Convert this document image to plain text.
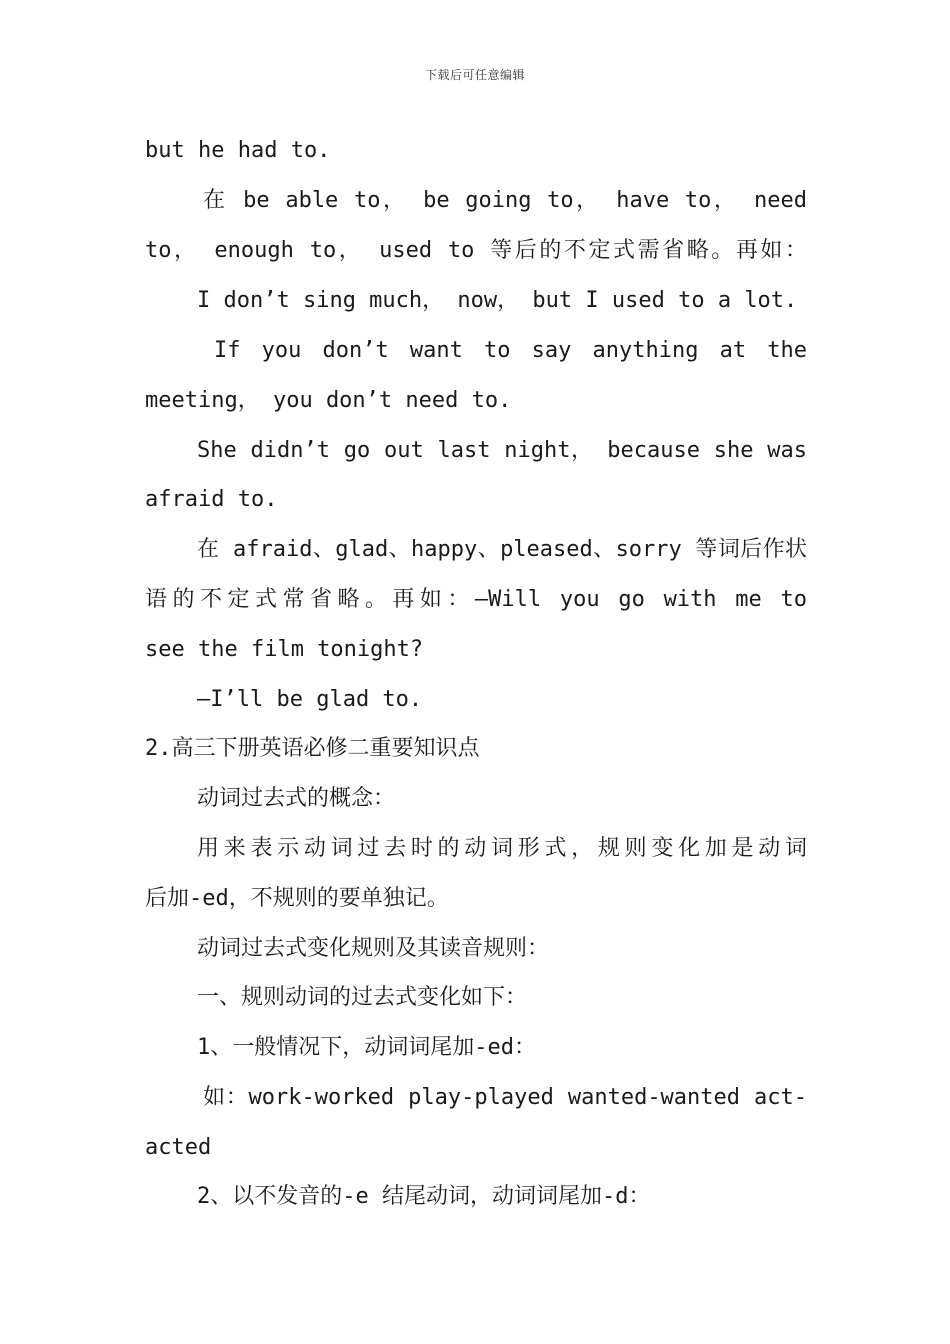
下载后可任意编辑
but he had to.
在 be able to， be going to， have to， need
to， enough to， used to 等后的不定式需省略。再如：
I don’t sing much， now， but I used to a lot.
If you don’t want to say anything at the
meeting， you don’t need to.
She didn’t go out last night， because she was
afraid to.
在 afraid、glad、happy、pleased、sorry 等词后作状
语的不定式常省略。再如：—Will you go with me to
see the film tonight?
—I’ll be glad to.
2.高三下册英语必修二重要知识点
动词过去式的概念：
用来表示动词过去时的动词形式，规则变化加是动词
后加-ed，不规则的要单独记。
动词过去式变化规则及其读音规则：
一、规则动词的过去式变化如下：
1、一般情况下，动词词尾加-ed：
如：work-worked play-played wanted-wanted act-
acted
2、以不发音的-e 结尾动词，动词词尾加-d：
